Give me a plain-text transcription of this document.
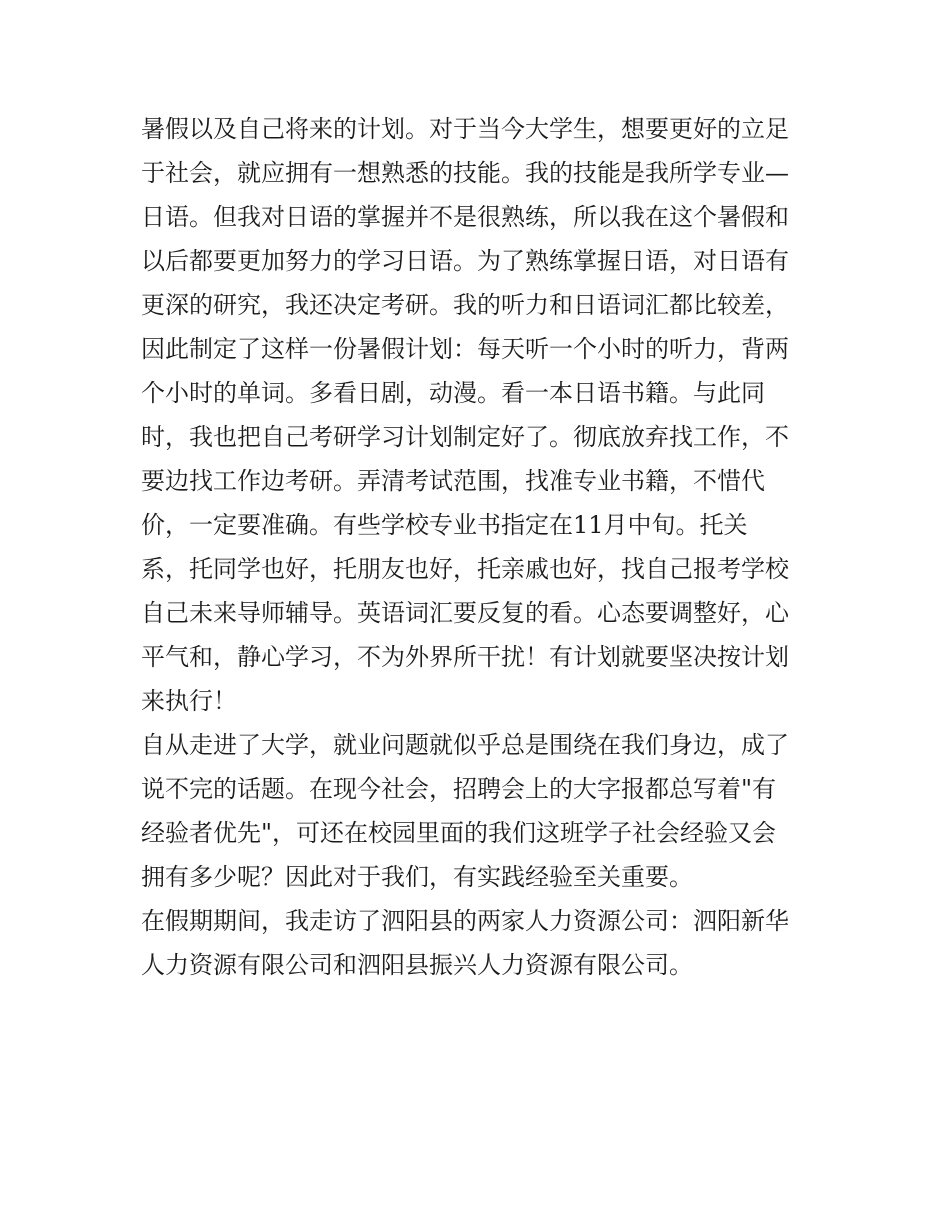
暑假以及自己将来的计划。对于当今大学生，想要更好的立足
于社会，就应拥有一想熟悉的技能。我的技能是我所学专业—
日语。但我对日语的掌握并不是很熟练，所以我在这个暑假和
以后都要更加努力的学习日语。为了熟练掌握日语，对日语有
更深的研究，我还决定考研。我的听力和日语词汇都比较差，
因此制定了这样一份暑假计划：每天听一个小时的听力，背两
个小时的单词。多看日剧，动漫。看一本日语书籍。与此同
时，我也把自己考研学习计划制定好了。彻底放弃找工作，不
要边找工作边考研。弄清考试范围，找准专业书籍，不惜代
价，一定要准确。有些学校专业书指定在11月中旬。托关
系，托同学也好，托朋友也好，托亲戚也好，找自己报考学校
自己未来导师辅导。英语词汇要反复的看。心态要调整好，心
平气和，静心学习，不为外界所干扰！有计划就要坚决按计划
来执行！
自从走进了大学，就业问题就似乎总是围绕在我们身边，成了
说不完的话题。在现今社会，招聘会上的大字报都总写着"有
经验者优先"，可还在校园里面的我们这班学子社会经验又会
拥有多少呢？因此对于我们，有实践经验至关重要。
在假期期间，我走访了泗阳县的两家人力资源公司：泗阳新华
人力资源有限公司和泗阳县振兴人力资源有限公司。
